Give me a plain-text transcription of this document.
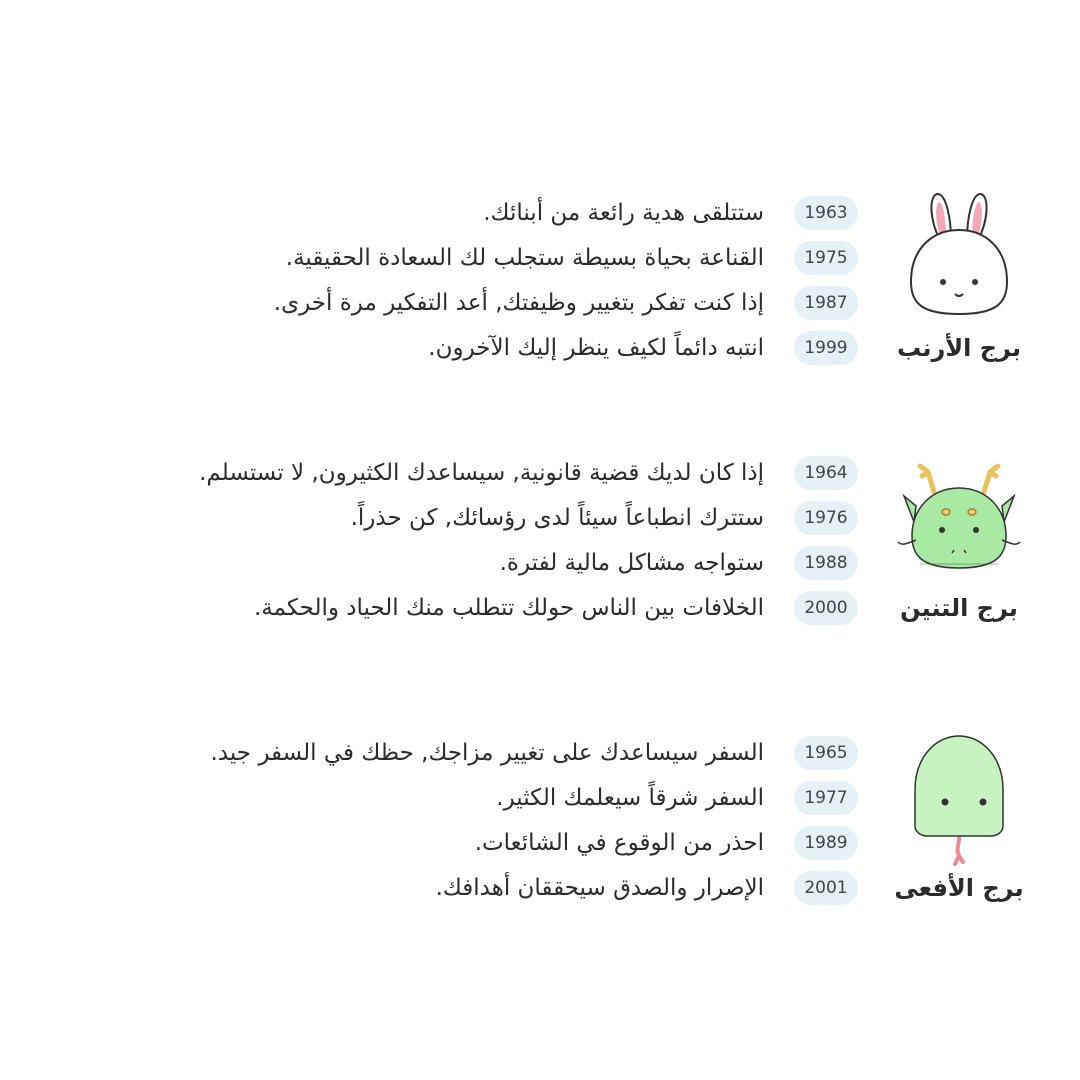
برج الأرنب
1963
ستتلقى هدية رائعة من أبنائك.
1975
القناعة بحياة بسيطة ستجلب لك السعادة الحقيقية.
1987
إذا كنت تفكر بتغيير وظيفتك, أعد التفكير مرة أخرى.
1999
انتبه دائماً لكيف ينظر إليك الآخرون.
برج التنين
1964
إذا كان لديك قضية قانونية, سيساعدك الكثيرون, لا تستسلم.
1976
ستترك انطباعاً سيئاً لدى رؤسائك, كن حذراً.
1988
ستواجه مشاكل مالية لفترة.
2000
الخلافات بين الناس حولك تتطلب منك الحياد والحكمة.
برج الأفعى
1965
السفر سيساعدك على تغيير مزاجك, حظك في السفر جيد.
1977
السفر شرقاً سيعلمك الكثير.
1989
احذر من الوقوع في الشائعات.
2001
الإصرار والصدق سيحققان أهدافك.
